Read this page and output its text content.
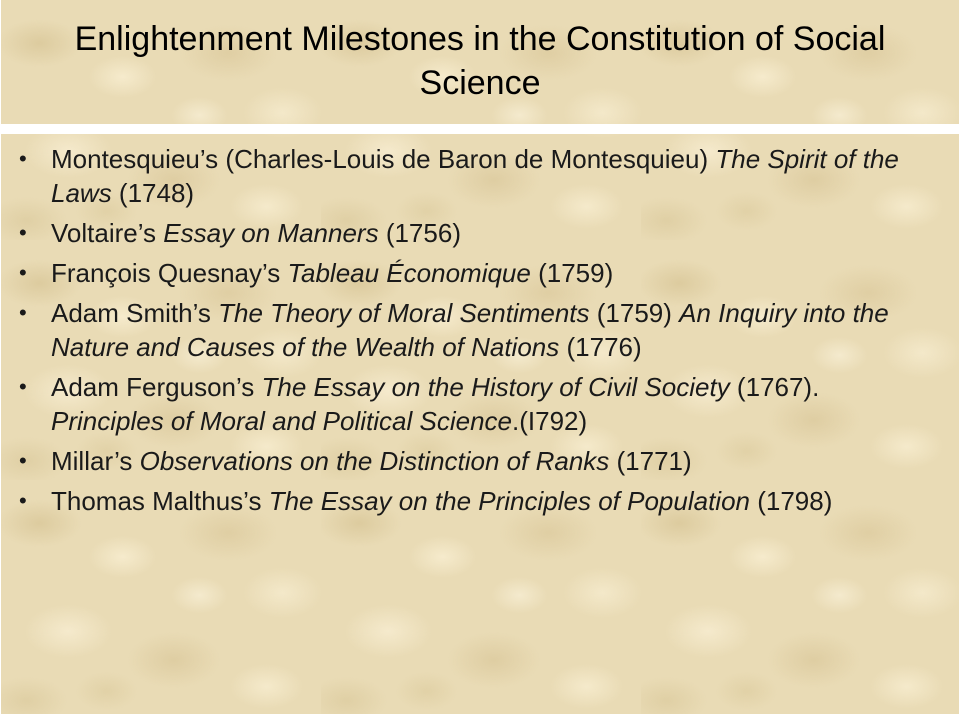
Enlightenment Milestones in the Constitution of Social Science
• Montesquieu’s (Charles-Louis de Baron de Montesquieu) The Spirit of the Laws (1748)
• Voltaire’s Essay on Manners (1756)
• François Quesnay’s Tableau Économique (1759)
• Adam Smith’s The Theory of Moral Sentiments (1759) An Inquiry into the Nature and Causes of the Wealth of Nations (1776)
• Adam Ferguson’s The Essay on the History of Civil Society (1767). Principles of Moral and Political Science.(I792)
• Millar’s Observations on the Distinction of Ranks (1771)
• Thomas Malthus’s The Essay on the Principles of Population (1798)
